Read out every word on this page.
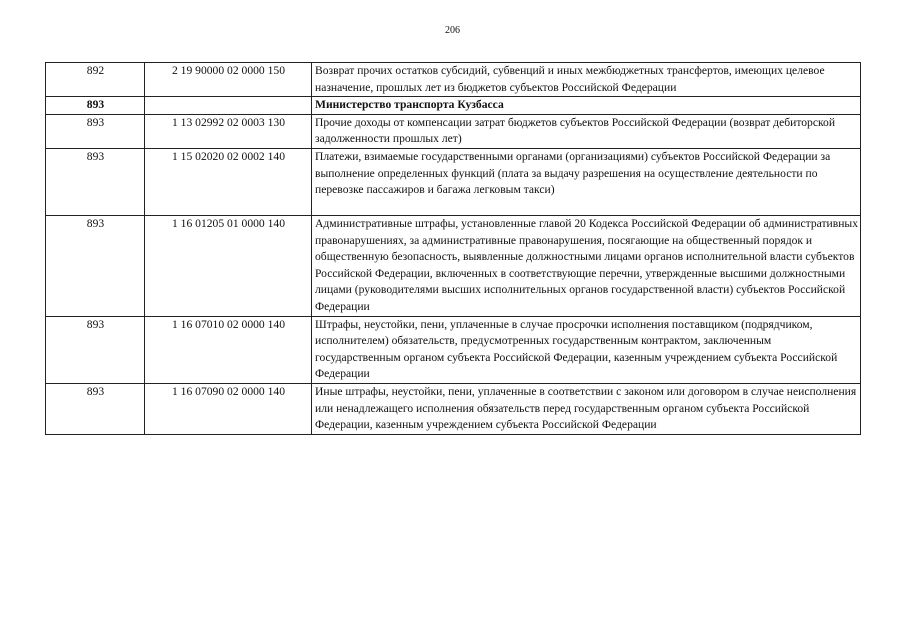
206
892	2 19 90000 02 0000 150	Возврат прочих остатков субсидий, субвенций и иных межбюджетных трансфертов, имеющих целевое назначение, прошлых лет из бюджетов субъектов Российской Федерации
893		Министерство транспорта Кузбасса
893	1 13 02992 02 0003 130	Прочие доходы от компенсации затрат бюджетов субъектов Российской Федерации (возврат дебиторской задолженности прошлых лет)
893	1 15 02020 02 0002 140	Платежи, взимаемые государственными органами (организациями) субъектов Российской Федерации за выполнение определенных функций (плата за выдачу разрешения на осуществление деятельности по перевозке пассажиров и багажа легковым такси)
893	1 16 01205 01 0000 140	Административные штрафы, установленные главой 20 Кодекса Российской Федерации об административных правонарушениях, за административные правонарушения, посягающие на общественный порядок и общественную безопасность, выявленные должностными лицами органов исполнительной власти субъектов Российской Федерации, включенных в соответствующие перечни, утвержденные высшими должностными лицами (руководителями высших исполнительных органов государственной власти) субъектов Российской Федерации
893	1 16 07010 02 0000 140	Штрафы, неустойки, пени, уплаченные в случае просрочки исполнения поставщиком (подрядчиком, исполнителем) обязательств, предусмотренных государственным контрактом, заключенным государственным органом субъекта Российской Федерации, казенным учреждением субъекта Российской Федерации
893	1 16 07090 02 0000 140	Иные штрафы, неустойки, пени, уплаченные в соответствии с законом или договором в случае неисполнения или ненадлежащего исполнения обязательств перед государственным органом субъекта Российской Федерации, казенным учреждением субъекта Российской Федерации
